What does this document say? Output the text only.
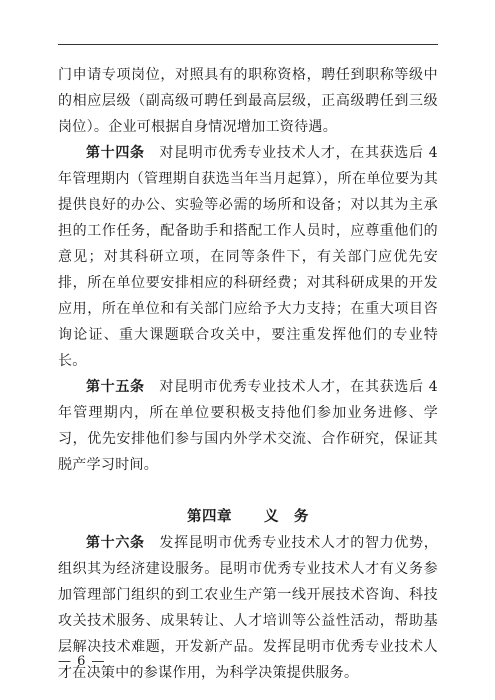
门申请专项岗位，对照具有的职称资格，聘任到职称等级中的相应层级（副高级可聘任到最高层级，正高级聘任到三级岗位）。企业可根据自身情况增加工资待遇。

第十四条　 对昆明市优秀专业技术人才，在其获选后 4 年管理期内（管理期自获选当年当月起算），所在单位要为其提供良好的办公、实验等必需的场所和设备；对以其为主承担的工作任务，配备助手和搭配工作人员时，应尊重他们的意见；对其科研立项，在同等条件下，有关部门应优先安排，所在单位要安排相应的科研经费；对其科研成果的开发应用，所在单位和有关部门应给予大力支持；在重大项目咨询论证、重大课题联合攻关中，要注重发挥他们的专业特长。

第十五条　 对昆明市优秀专业技术人才，在其获选后 4 年管理期内，所在单位要积极支持他们参加业务进修、学习，优先安排他们参与国内外学术交流、合作研究，保证其脱产学习时间。

第四章 义　务

第十六条　 发挥昆明市优秀专业技术人才的智力优势，组织其为经济建设服务。昆明市优秀专业技术人才有义务参加管理部门组织的到工农业生产第一线开展技术咨询、科技攻关技术服务、成果转让、人才培训等公益性活动，帮助基层解决技术难题，开发新产品。发挥昆明市优秀专业技术人才在决策中的参谋作用，为科学决策提供服务。

— 6 —
